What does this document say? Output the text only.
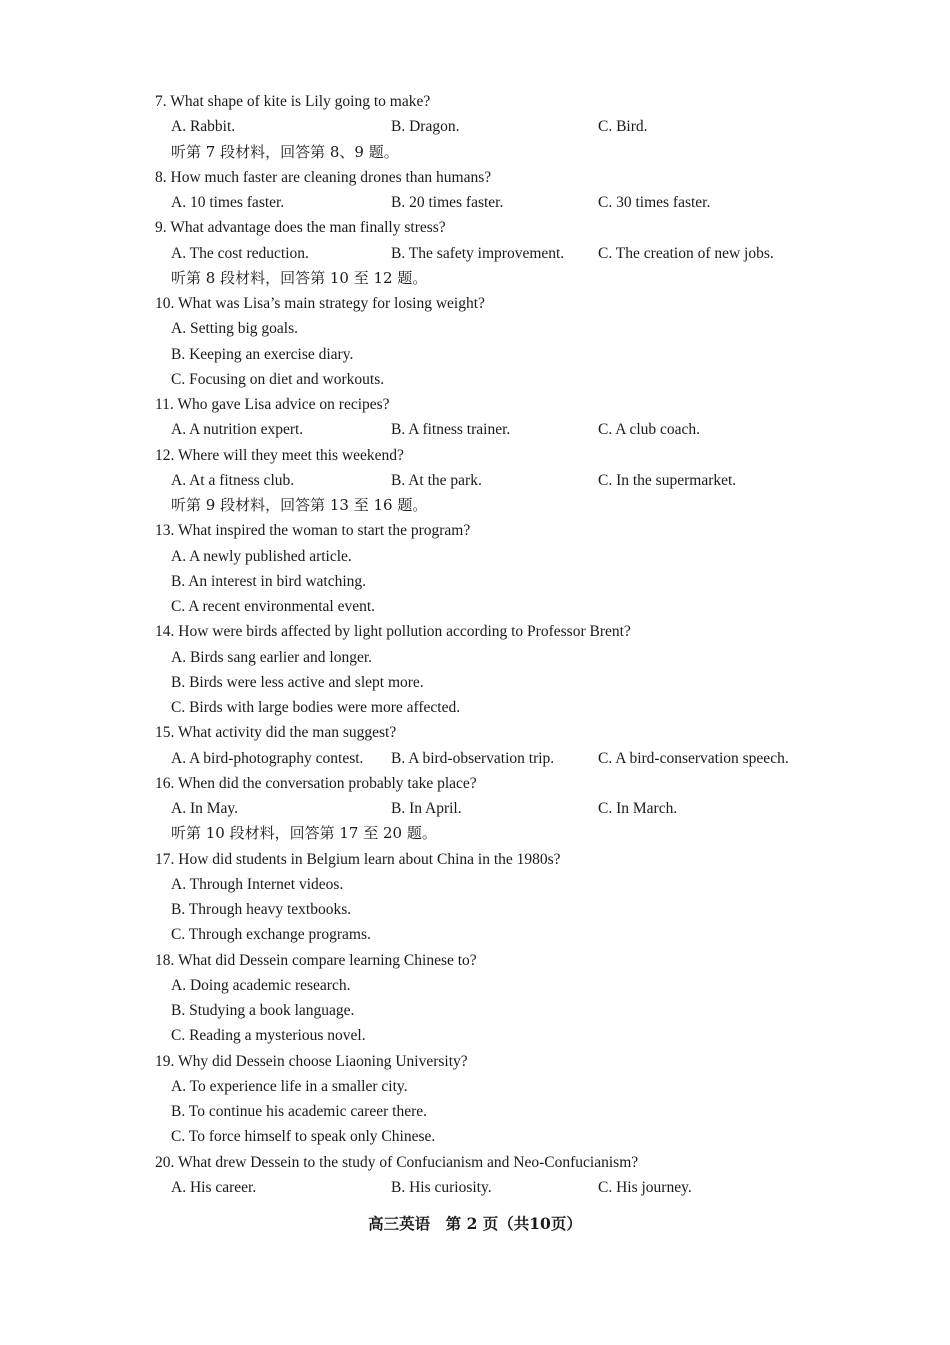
7. What shape of kite is Lily going to make?
A. Rabbit.	B. Dragon.	C. Bird.
听第 7 段材料，回答第 8、9 题。
8. How much faster are cleaning drones than humans?
A. 10 times faster.	B. 20 times faster.	C. 30 times faster.
9. What advantage does the man finally stress?
A. The cost reduction.	B. The safety improvement. C. The creation of new jobs.
听第 8 段材料，回答第 10 至 12 题。
10. What was Lisa’s main strategy for losing weight?
A. Setting big goals.
B. Keeping an exercise diary.
C. Focusing on diet and workouts.
11. Who gave Lisa advice on recipes?
A. A nutrition expert.	B. A fitness trainer.	C. A club coach.
12. Where will they meet this weekend?
A. At a fitness club.	B. At the park.	C. In the supermarket.
听第 9 段材料，回答第 13 至 16 题。
13. What inspired the woman to start the program?
A. A newly published article.
B. An interest in bird watching.
C. A recent environmental event.
14. How were birds affected by light pollution according to Professor Brent?
A. Birds sang earlier and longer.
B. Birds were less active and slept more.
C. Birds with large bodies were more affected.
15. What activity did the man suggest?
A. A bird-photography contest. B. A bird-observation trip.	C. A bird-conservation speech.
16. When did the conversation probably take place?
A. In May.	B. In April.	C. In March.
听第 10 段材料，回答第 17 至 20 题。
17. How did students in Belgium learn about China in the 1980s?
A. Through Internet videos.
B. Through heavy textbooks.
C. Through exchange programs.
18. What did Dessein compare learning Chinese to?
A. Doing academic research.
B. Studying a book language.
C. Reading a mysterious novel.
19. Why did Dessein choose Liaoning University?
A. To experience life in a smaller city.
B. To continue his academic career there.
C. To force himself to speak only Chinese.
20. What drew Dessein to the study of Confucianism and Neo-Confucianism?
A. His career.	B. His curiosity.	C. His journey.
高三英语　第 2 页（共10页）
